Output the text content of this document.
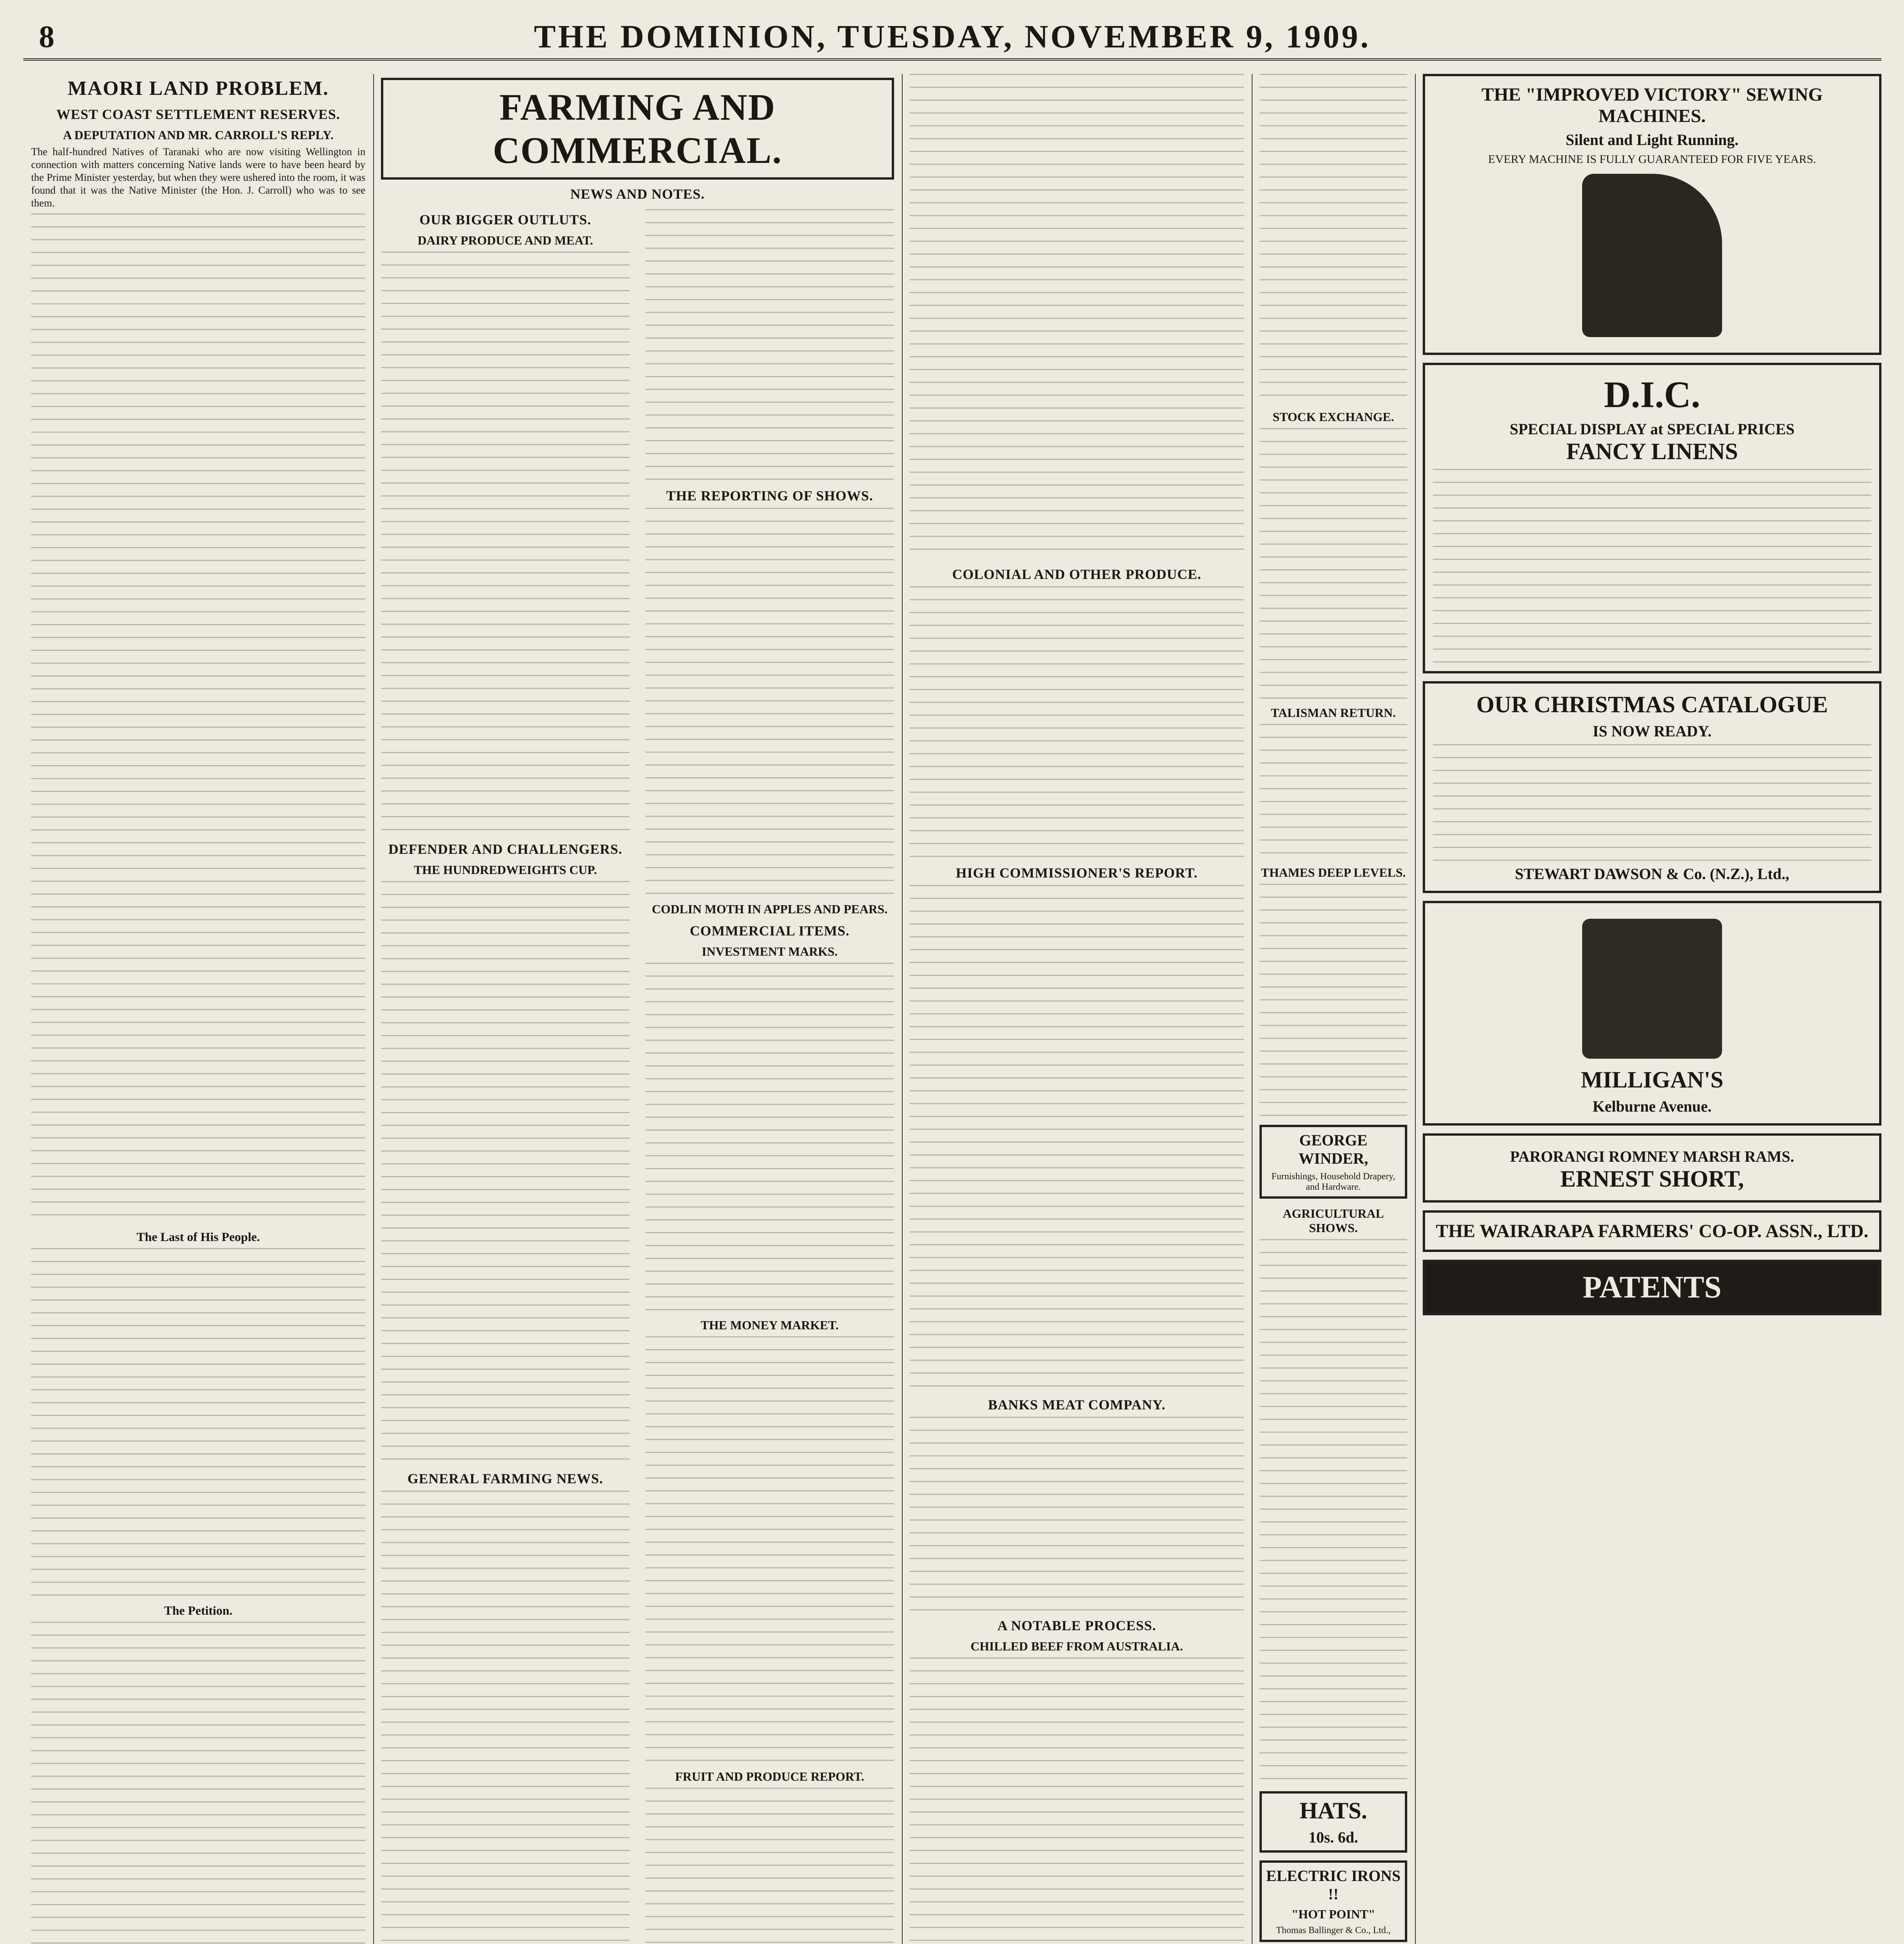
8	THE DOMINION, TUESDAY, NOVEMBER 9, 1909.
MAORI LAND PROBLEM.
WEST COAST SETTLEMENT RESERVES.
A DEPUTATION AND MR. CARROLL'S REPLY.

The half-hundred Natives of Taranaki who are now visiting Wellington in connection with matters concerning Native lands were to have been heard by the Prime Minister yesterday, but when they were ushered into the room, it was found that it was the Native Minister (the Hon. J. Carroll) who was to see them.

The Last of His People.
The Petition.
FARMING AND COMMERCIAL.
NEWS AND NOTES.
OUR BIGGER OUTLUTS.
DAIRY PRODUCE AND MEAT.
DEFENDER AND CHALLENGERS.
THE HUNDREDWEIGHTS CUP.
GENERAL FARMING NEWS.
THE REPORTING OF SHOWS.
CODLIN MOTH IN APPLES AND PEARS.
COMMERCIAL ITEMS.
INVESTMENT MARKS.
THE MONEY MARKET.
FRUIT AND PRODUCE REPORT.
COLONIAL AND OTHER PRODUCE.
HIGH COMMISSIONER'S REPORT.
BANKS MEAT COMPANY.
A NOTABLE PROCESS.
CHILLED BEEF FROM AUSTRALIA.
STOCK EXCHANGE.
TALISMAN RETURN.
THAMES DEEP LEVELS.
GEORGE WINDER,
Furnishings, Household Drapery, and Hardware.
AGRICULTURAL SHOWS.
HATS.
10s. 6d.
ELECTRIC IRONS !!
"HOT POINT"
Thomas Ballinger & Co., Ltd.,
THE "IMPROVED VICTORY" SEWING MACHINES.
Silent and Light Running.
EVERY MACHINE IS FULLY GUARANTEED FOR FIVE YEARS.
D.I.C.
SPECIAL DISPLAY at SPECIAL PRICES
FANCY LINENS
OUR CHRISTMAS CATALOGUE
IS NOW READY.
STEWART DAWSON & Co. (N.Z.), Ltd.,
MILLIGAN'S
Kelburne Avenue.
PARORANGI ROMNEY MARSH RAMS.
ERNEST SHORT,
THE WAIRARAPA FARMERS' CO-OP. ASSN., LTD.
PATENTS
